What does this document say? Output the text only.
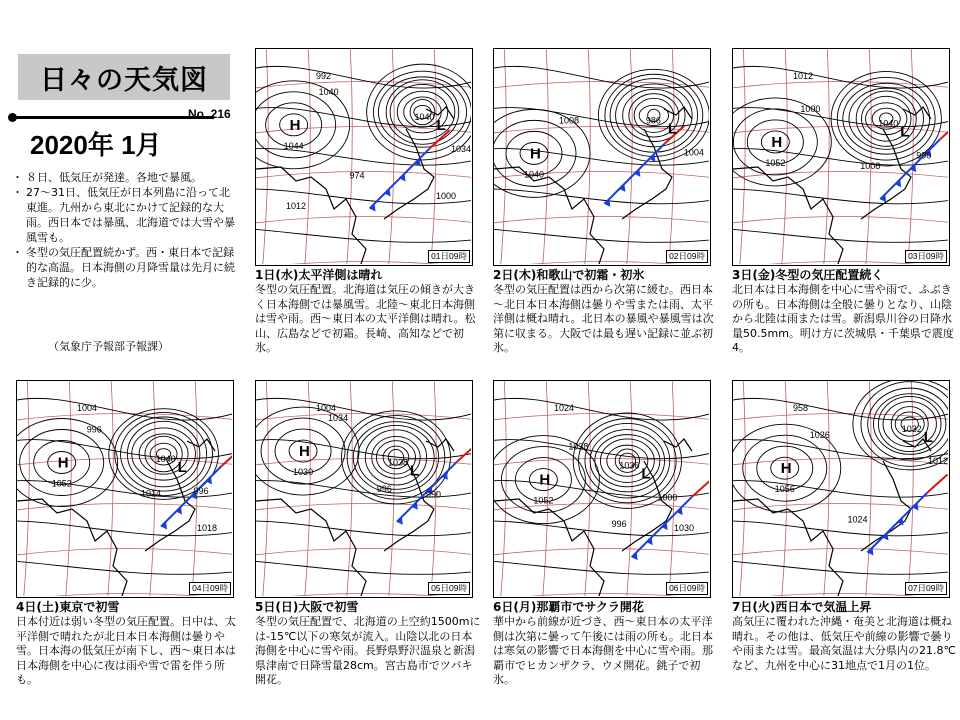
日々の天気図
No. 216
2020年 1月
・ ８日、低気圧が発達。各地で暴風。
・ 27～31日、低気圧が日本列島に沿って北東進。九州から東北にかけて記録的な大雨。西日本では暴風、北海道では大雪や暴風雪も。
・ 冬型の気圧配置続かず。西・東日本で記録的な高温。日本海側の月降雪量は先月に続き記録的に少。
（気象庁予報部予報課）
H	L
1044
1040
1040
1034
974
992
1000
1012
01日09時
1日(水)太平洋側は晴れ
冬型の気圧配置。北海道は気圧の傾きが大きく日本海側では暴風雪。北陸～東北日本海側は雪や雨。西～東日本の太平洋側は晴れ。松山、広島などで初霜。長崎、高知などで初氷。
H
L
1040
986
1008
1004
02日09時
2日(木)和歌山で初霜・初氷
冬型の気圧配置は西から次第に緩む。西日本～北日本日本海側は曇りや雪または雨、太平洋側は概ね晴れ。北日本の暴風や暴風雪は次第に収まる。大阪では最も遅い記録に並ぶ初氷。
H
L
1052
1040
1000
990
1008
1012
03日09時
3日(金)冬型の気圧配置続く
北日本は日本海側を中心に雪や雨で、ふぶきの所も。日本海側は全般に曇りとなり、山陰から北陸は雨または雪。新潟県川谷の日降水量50.5mm。明け方に茨城県・千葉県で震度4。
H	L
1052
1040
996
996
1014
1004
1018
04日09時
4日(土)東京で初雪
日本付近は弱い冬型の気圧配置。日中は、太平洋側で晴れたが北日本日本海側は曇りや雪。日本海の低気圧が南下し、西～東日本は日本海側を中心に夜は雨や雪で雷を伴う所も。
H
L
1030
1038
1034
990
996
1004
05日09時
5日(日)大阪で初雪
冬型の気圧配置で、北海道の上空約1500mには-15℃以下の寒気が流入。山陰以北の日本海側を中心に雪や雨。長野県野沢温泉と新潟県津南で日降雪量28cm。宮古島市でツバキ開花。
H	L
1052
1036
1038
1000
996
1024
1030
06日09時
6日(月)那覇市でサクラ開花
華中から前線が近づき、西～東日本の太平洋側は次第に曇って午後には雨の所も。北日本は寒気の影響で日本海側を中心に雪や雨。那覇市でヒカンザクラ、ウメ開花。銚子で初氷。
H
L
1056
1032
1026
1012
1024
958
07日09時
7日(火)西日本で気温上昇
高気圧に覆われた沖縄・奄美と北海道は概ね晴れ。その他は、低気圧や前線の影響で曇りや雨または雪。最高気温は大分県内の21.8℃など、九州を中心に31地点で1月の1位。
